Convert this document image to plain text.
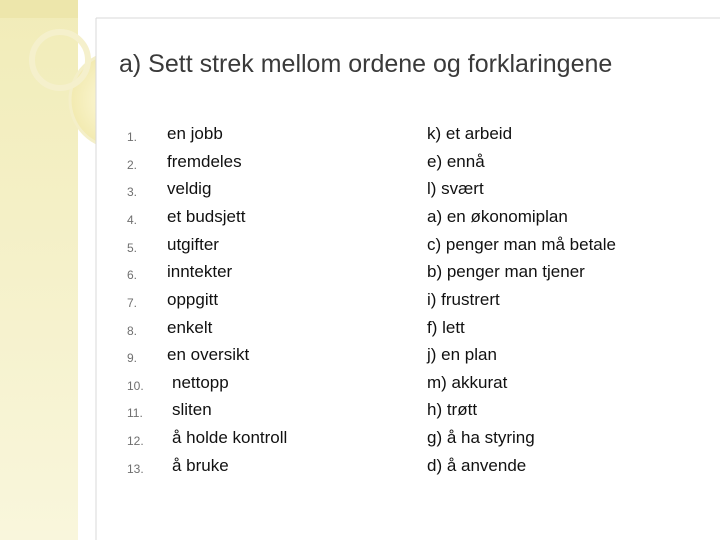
a) Sett strek mellom ordene og forklaringene
1. en jobb	k) et arbeid
2. fremdeles	e) ennå
3. veldig	l) svært
4. et budsjett	a) en økonomiplan
5. utgifter	c) penger man må betale
6. inntekter	b) penger man tjener
7. oppgitt	i) frustrert
8. enkelt	f) lett
9. en oversikt	j) en plan
10. nettopp	m) akkurat
11. sliten	h) trøtt
12. å holde kontroll	g) å ha styring
13. å bruke	d) å anvende
